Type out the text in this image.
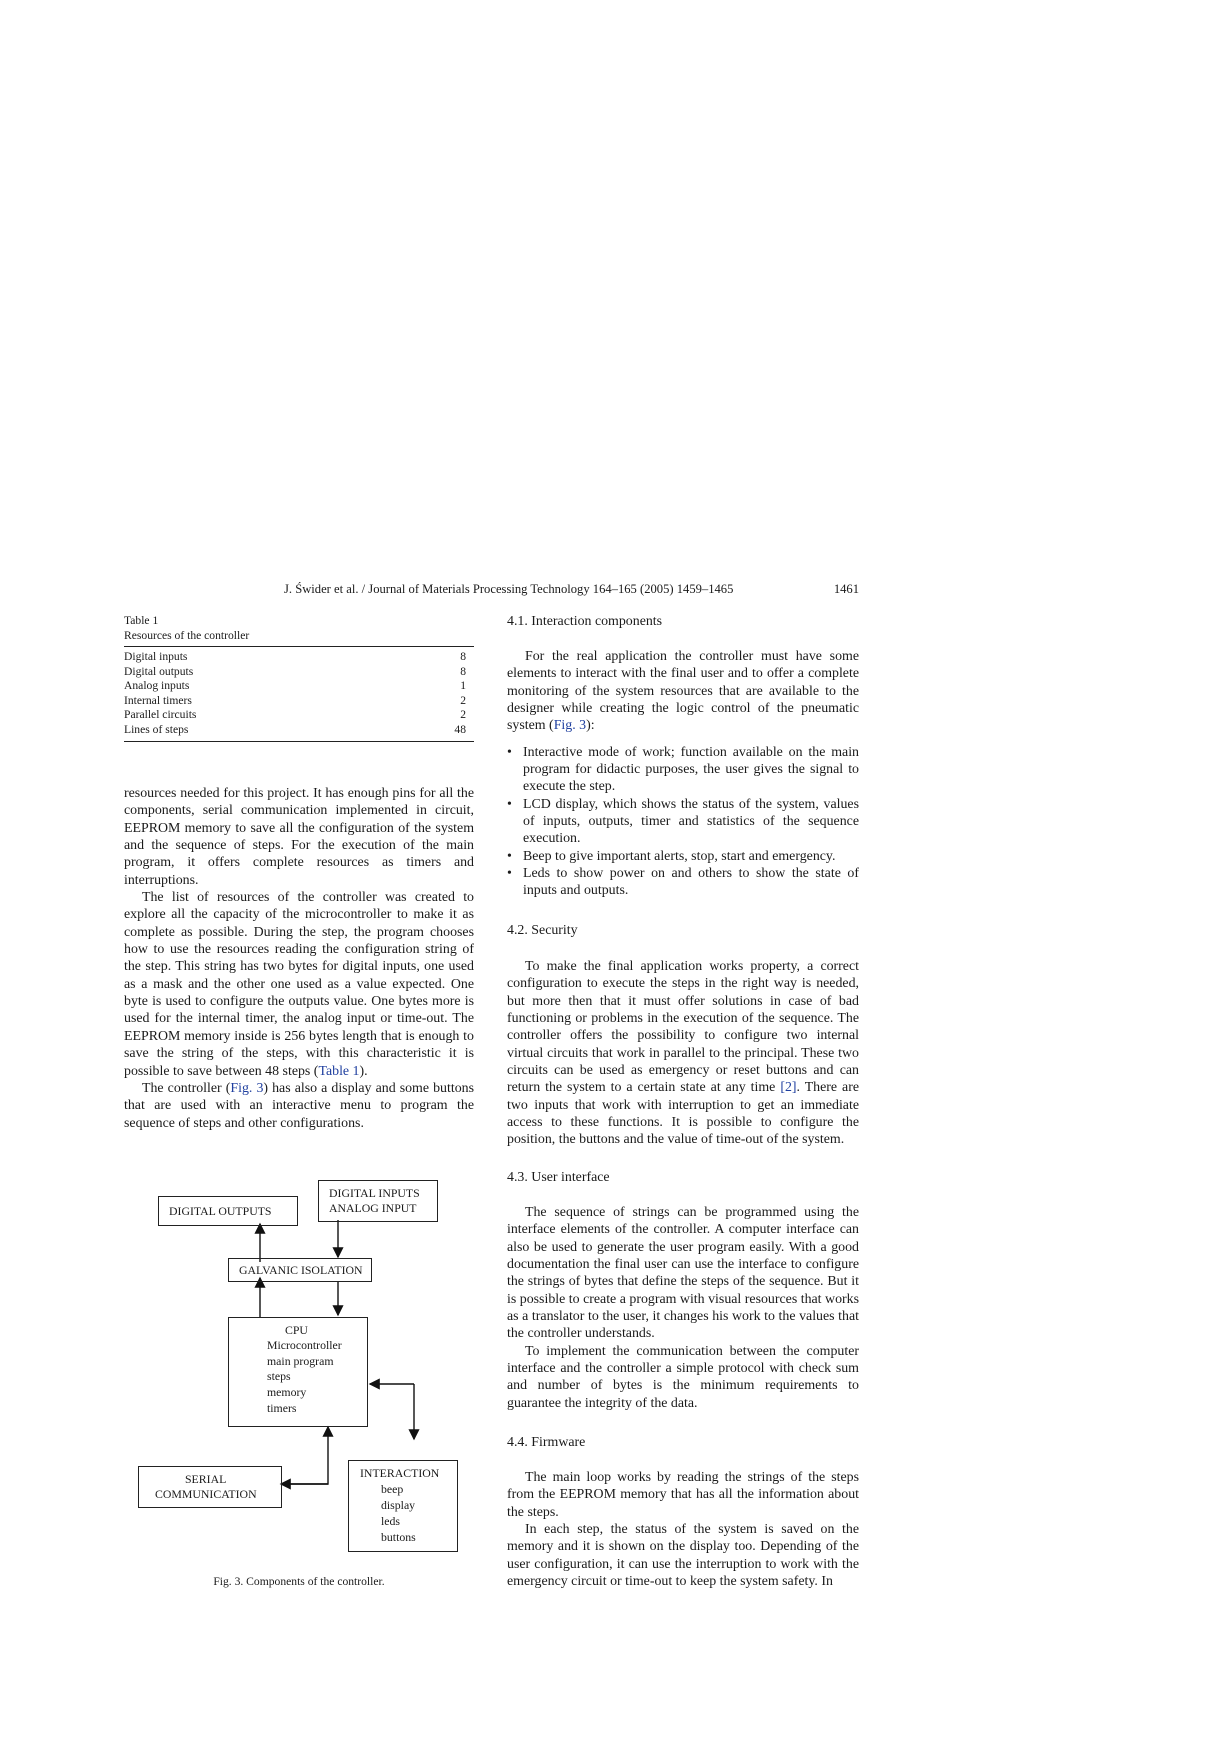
J. Świder et al. / Journal of Materials Processing Technology 164–165 (2005) 1459–1465	1461
Table 1
Resources of the controller
Digital inputs	8
Digital outputs	8
Analog inputs	1
Internal timers	2
Parallel circuits	2
Lines of steps	48

resources needed for this project. It has enough pins for all the components, serial communication implemented in circuit, EEPROM memory to save all the configuration of the system and the sequence of steps. For the execution of the main program, it offers complete resources as timers and interruptions.

The list of resources of the controller was created to explore all the capacity of the microcontroller to make it as complete as possible. During the step, the program chooses how to use the resources reading the configuration string of the step. This string has two bytes for digital inputs, one used as a mask and the other one used as a value expected. One byte is used to configure the outputs value. One bytes more is used for the internal timer, the analog input or time-out. The EEPROM memory inside is 256 bytes length that is enough to save the string of the steps, with this characteristic it is possible to save between 48 steps (Table 1).

The controller (Fig. 3) has also a display and some buttons that are used with an interactive menu to program the sequence of steps and other configurations.

DIGITAL OUTPUTS
DIGITAL INPUTS
ANALOG INPUT
GALVANIC ISOLATION
CPU
Microcontroller
main program
steps
memory
timers
SERIAL
COMMUNICATION
INTERACTION
beep
display
leds
buttons
Fig. 3. Components of the controller.
4.1. Interaction components

For the real application the controller must have some elements to interact with the final user and to offer a complete monitoring of the system resources that are available to the designer while creating the logic control of the pneumatic system (Fig. 3):

• Interactive mode of work; function available on the main program for didactic purposes, the user gives the signal to execute the step.
• LCD display, which shows the status of the system, values of inputs, outputs, timer and statistics of the sequence execution.
• Beep to give important alerts, stop, start and emergency.
• Leds to show power on and others to show the state of inputs and outputs.
4.2. Security

To make the final application works property, a correct configuration to execute the steps in the right way is needed, but more then that it must offer solutions in case of bad functioning or problems in the execution of the sequence. The controller offers the possibility to configure two internal virtual circuits that work in parallel to the principal. These two circuits can be used as emergency or reset buttons and can return the system to a certain state at any time [2]. There are two inputs that work with interruption to get an immediate access to these functions. It is possible to configure the position, the buttons and the value of time-out of the system.

4.3. User interface

The sequence of strings can be programmed using the interface elements of the controller. A computer interface can also be used to generate the user program easily. With a good documentation the final user can use the interface to configure the strings of bytes that define the steps of the sequence. But it is possible to create a program with visual resources that works as a translator to the user, it changes his work to the values that the controller understands.

To implement the communication between the computer interface and the controller a simple protocol with check sum and number of bytes is the minimum requirements to guarantee the integrity of the data.

4.4. Firmware

The main loop works by reading the strings of the steps from the EEPROM memory that has all the information about the steps.

In each step, the status of the system is saved on the memory and it is shown on the display too. Depending of the user configuration, it can use the interruption to work with the emergency circuit or time-out to keep the system safety. In
